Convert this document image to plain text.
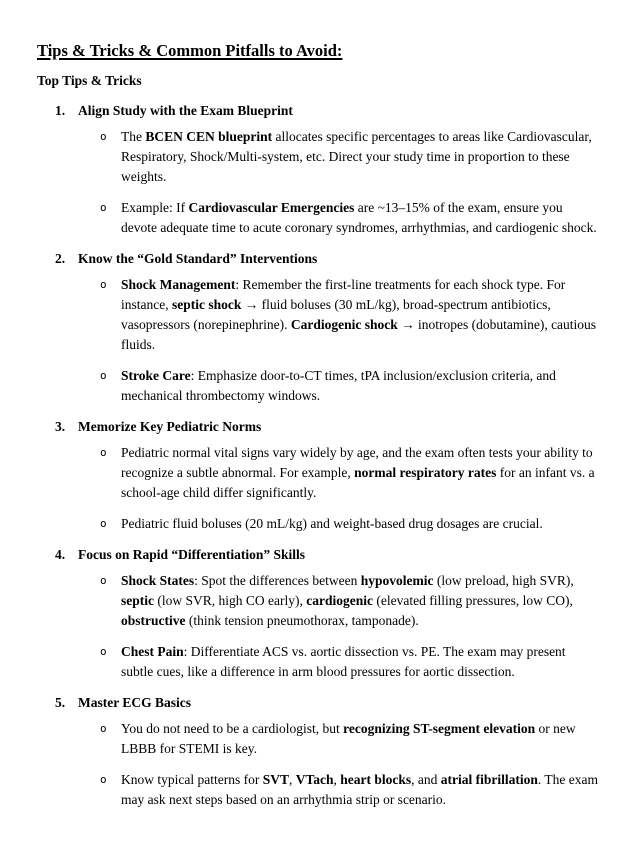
Tips & Tricks & Common Pitfalls to Avoid:
Top Tips & Tricks
1. Align Study with the Exam Blueprint
o	The BCEN CEN blueprint allocates specific percentages to areas like Cardiovascular, Respiratory, Shock/Multi-system, etc. Direct your study time in proportion to these weights.
o	Example: If Cardiovascular Emergencies are ~13–15% of the exam, ensure you devote adequate time to acute coronary syndromes, arrhythmias, and cardiogenic shock.
2. Know the “Gold Standard” Interventions
o	Shock Management: Remember the first-line treatments for each shock type. For instance, septic shock → fluid boluses (30 mL/kg), broad-spectrum antibiotics, vasopressors (norepinephrine). Cardiogenic shock → inotropes (dobutamine), cautious fluids.
o	Stroke Care: Emphasize door-to-CT times, tPA inclusion/exclusion criteria, and mechanical thrombectomy windows.
3. Memorize Key Pediatric Norms
o	Pediatric normal vital signs vary widely by age, and the exam often tests your ability to recognize a subtle abnormal. For example, normal respiratory rates for an infant vs. a school-age child differ significantly.
o	Pediatric fluid boluses (20 mL/kg) and weight-based drug dosages are crucial.
4. Focus on Rapid “Differentiation” Skills
o	Shock States: Spot the differences between hypovolemic (low preload, high SVR), septic (low SVR, high CO early), cardiogenic (elevated filling pressures, low CO), obstructive (think tension pneumothorax, tamponade).
o	Chest Pain: Differentiate ACS vs. aortic dissection vs. PE. The exam may present subtle cues, like a difference in arm blood pressures for aortic dissection.
5. Master ECG Basics
o	You do not need to be a cardiologist, but recognizing ST-segment elevation or new LBBB for STEMI is key.
o	Know typical patterns for SVT, VTach, heart blocks, and atrial fibrillation. The exam may ask next steps based on an arrhythmia strip or scenario.
